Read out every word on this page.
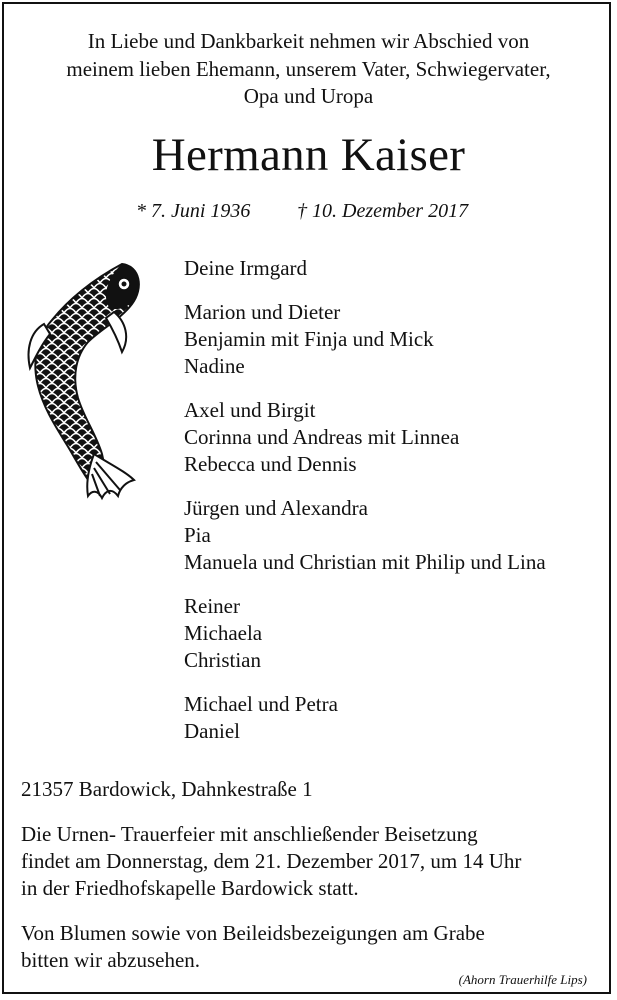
In Liebe und Dankbarkeit nehmen wir Abschied von
meinem lieben Ehemann, unserem Vater, Schwiegervater,
Opa und Uropa
Hermann Kaiser
* 7. Juni 1936 † 10. Dezember 2017
Deine Irmgard
Marion und Dieter
Benjamin mit Finja und Mick
Nadine
Axel und Birgit
Corinna und Andreas mit Linnea
Rebecca und Dennis
Jürgen und Alexandra
Pia
Manuela und Christian mit Philip und Lina
Reiner
Michaela
Christian
Michael und Petra
Daniel
21357 Bardowick, Dahnkestraße 1
Die Urnen- Trauerfeier mit anschließender Beisetzung
findet am Donnerstag, dem 21. Dezember 2017, um 14 Uhr
in der Friedhofskapelle Bardowick statt.
Von Blumen sowie von Beileidsbezeigungen am Grabe
bitten wir abzusehen.
(Ahorn Trauerhilfe Lips)
